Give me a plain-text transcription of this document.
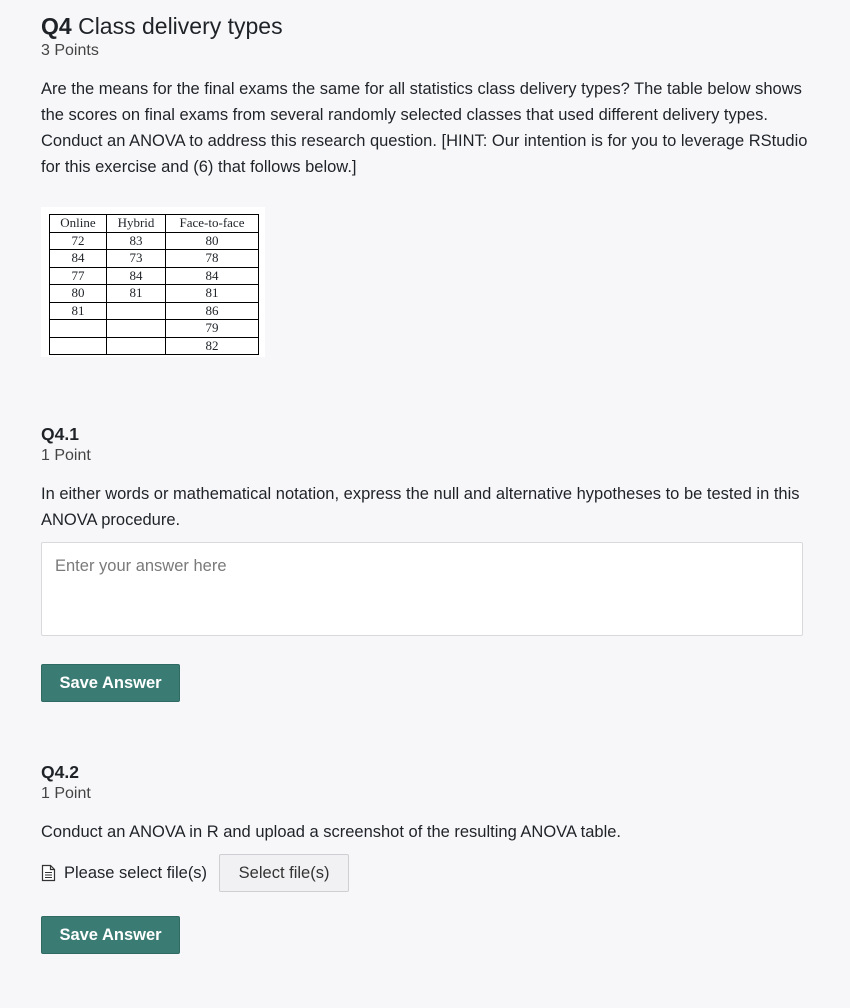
Q4 Class delivery types
3 Points

Are the means for the final exams the same for all statistics class delivery types? The table below shows the scores on final exams from several randomly selected classes that used different delivery types. Conduct an ANOVA to address this research question. [HINT: Our intention is for you to leverage RStudio for this exercise and (6) that follows below.]

Online	Hybrid	Face-to-face
72	83	80
84	73	78
77	84	84
80	81	81
81		86
		79
		82
Q4.1
1 Point

In either words or mathematical notation, express the null and alternative hypotheses to be tested in this ANOVA procedure.

Enter your answer here
Save Answer
Q4.2
1 Point

Conduct an ANOVA in R and upload a screenshot of the resulting ANOVA table.

Please select file(s)	Select file(s)
Save Answer
